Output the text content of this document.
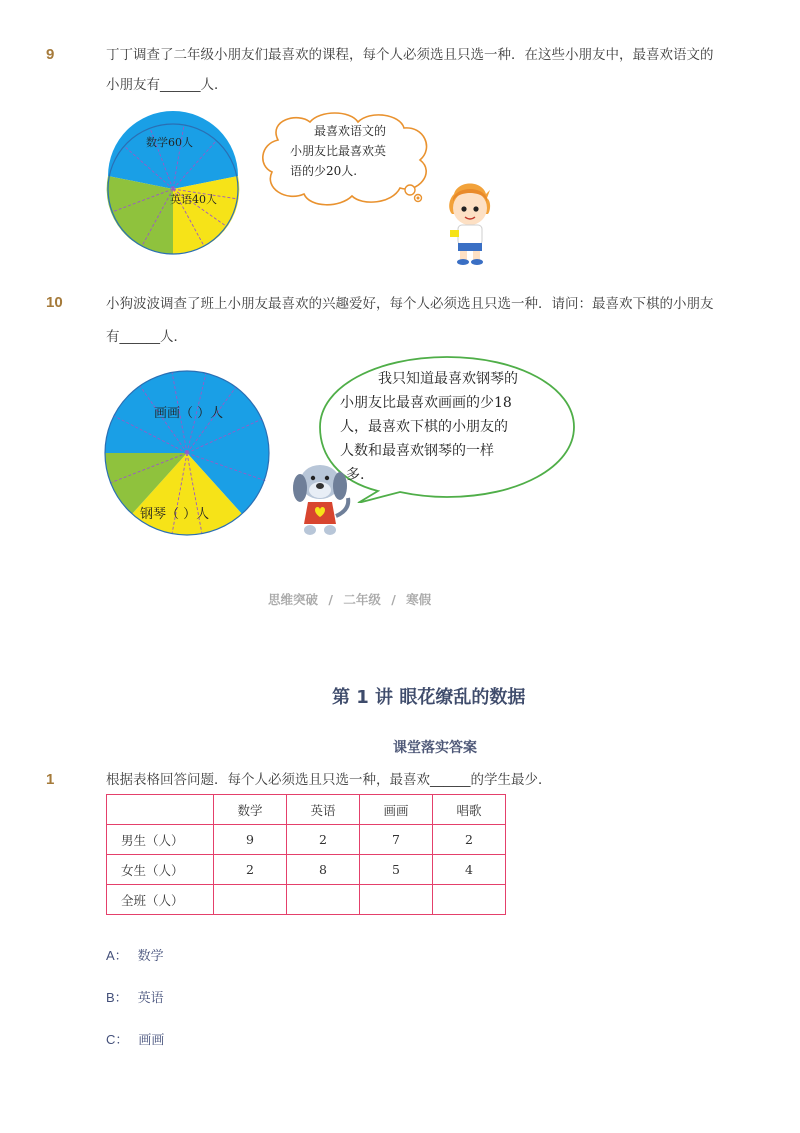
9	丁丁调查了二年级小朋友们最喜欢的课程，每个人必须选且只选一种．在这些小朋友中，最喜欢语文的小朋友有______人．
数学60人
英语40人
最喜欢语文的
小朋友比最喜欢英
语的少20人.
10	小狗波波调查了班上小朋友最喜欢的兴趣爱好，每个人必须选且只选一种．请问：最喜欢下棋的小朋友有______人．
画画（ ）人
钢琴（ ）人
我只知道最喜欢钢琴的
小朋友比最喜欢画画的少18
人，最喜欢下棋的小朋友的
人数和最喜欢钢琴的一样
多.
思维突破 / 二年级 / 寒假
第 1 讲 眼花缭乱的数据
课堂落实答案
1	根据表格回答问题．每个人必须选且只选一种，最喜欢______的学生最少．
	数学	英语	画画	唱歌
男生（人）	9	2	7	2
女生（人）	2	8	5	4
全班（人）				
A： 数学
B： 英语
C： 画画
